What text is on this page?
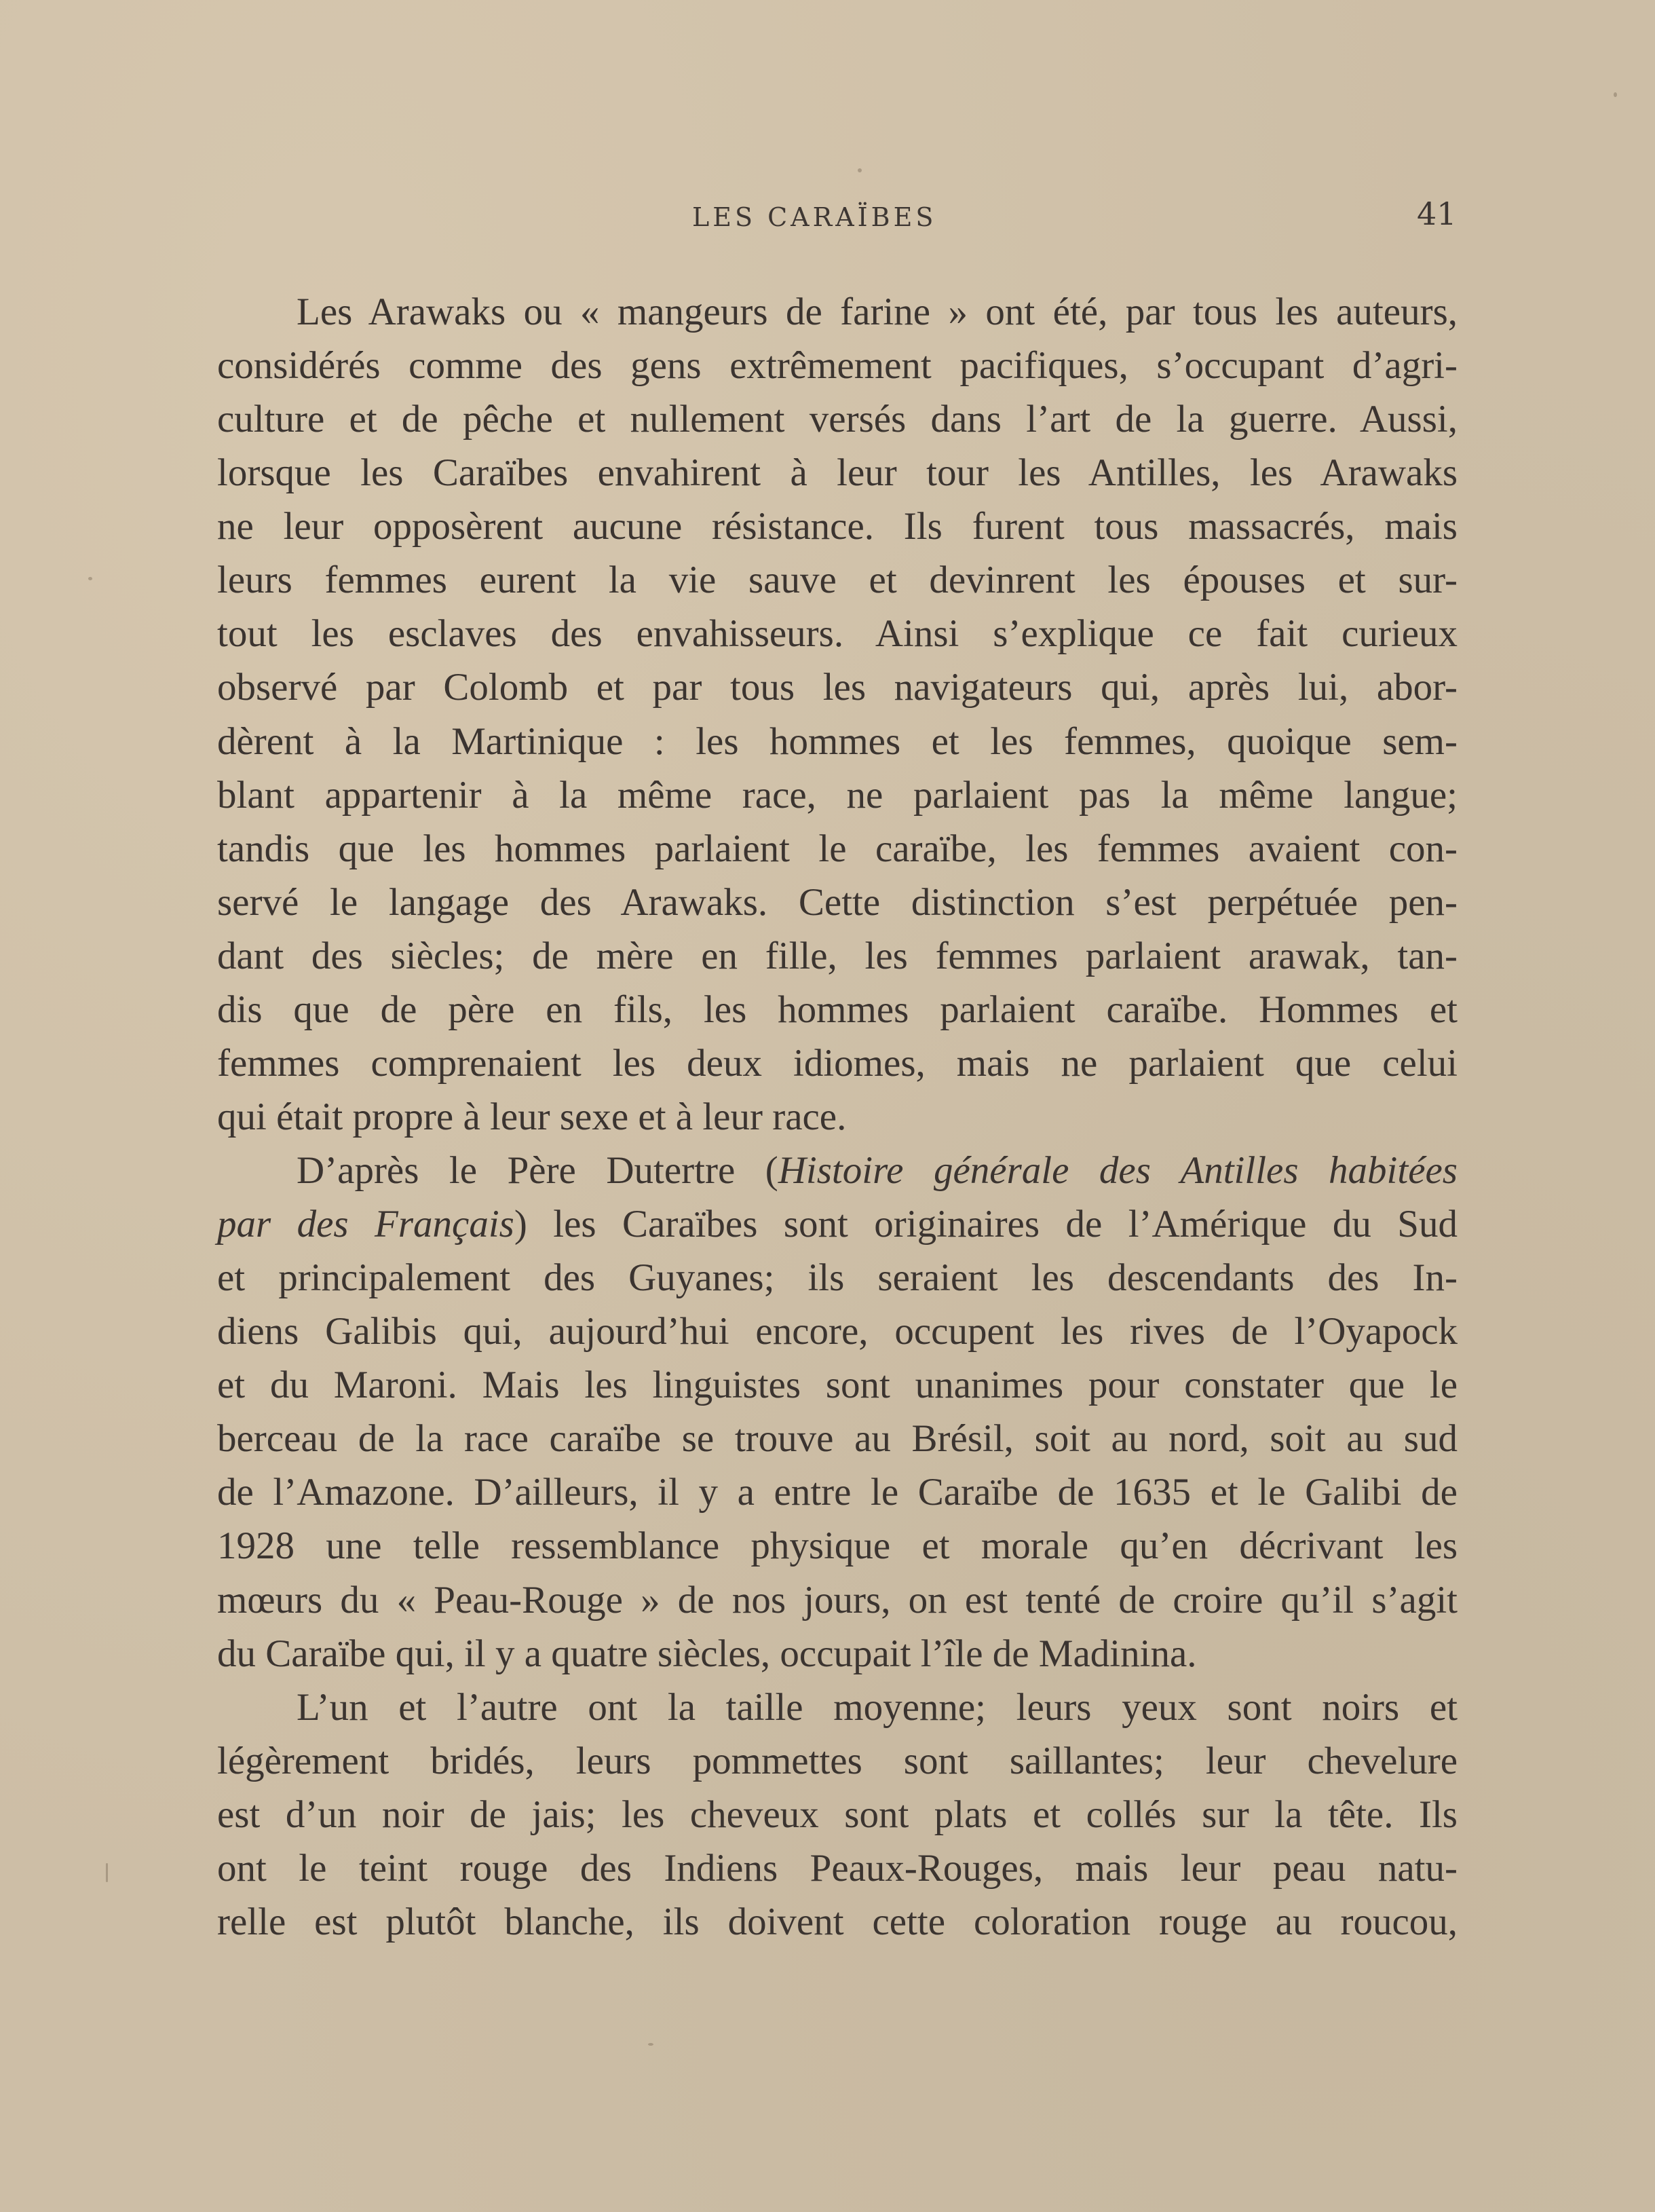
LES CARAÏBES	41
Les Arawaks ou « mangeurs de farine » ont été, par tous les auteurs,
considérés comme des gens extrêmement pacifiques, s’occupant d’agri-
culture et de pêche et nullement versés dans l’art de la guerre. Aussi,
lorsque les Caraïbes envahirent à leur tour les Antilles, les Arawaks
ne leur opposèrent aucune résistance. Ils furent tous massacrés, mais
leurs femmes eurent la vie sauve et devinrent les épouses et sur-
tout les esclaves des envahisseurs. Ainsi s’explique ce fait curieux
observé par Colomb et par tous les navigateurs qui, après lui, abor-
dèrent à la Martinique : les hommes et les femmes, quoique sem-
blant appartenir à la même race, ne parlaient pas la même langue;
tandis que les hommes parlaient le caraïbe, les femmes avaient con-
servé le langage des Arawaks. Cette distinction s’est perpétuée pen-
dant des siècles; de mère en fille, les femmes parlaient arawak, tan-
dis que de père en fils, les hommes parlaient caraïbe. Hommes et
femmes comprenaient les deux idiomes, mais ne parlaient que celui
qui était propre à leur sexe et à leur race.
D’après le Père Dutertre (Histoire générale des Antilles habitées
par des Français) les Caraïbes sont originaires de l’Amérique du Sud
et principalement des Guyanes; ils seraient les descendants des In-
diens Galibis qui, aujourd’hui encore, occupent les rives de l’Oyapock
et du Maroni. Mais les linguistes sont unanimes pour constater que le
berceau de la race caraïbe se trouve au Brésil, soit au nord, soit au sud
de l’Amazone. D’ailleurs, il y a entre le Caraïbe de 1635 et le Galibi de
1928 une telle ressemblance physique et morale qu’en décrivant les
mœurs du « Peau-Rouge » de nos jours, on est tenté de croire qu’il s’agit
du Caraïbe qui, il y a quatre siècles, occupait l’île de Madinina.
L’un et l’autre ont la taille moyenne; leurs yeux sont noirs et
légèrement bridés, leurs pommettes sont saillantes; leur chevelure
est d’un noir de jais; les cheveux sont plats et collés sur la tête. Ils
ont le teint rouge des Indiens Peaux-Rouges, mais leur peau natu-
relle est plutôt blanche, ils doivent cette coloration rouge au roucou,
